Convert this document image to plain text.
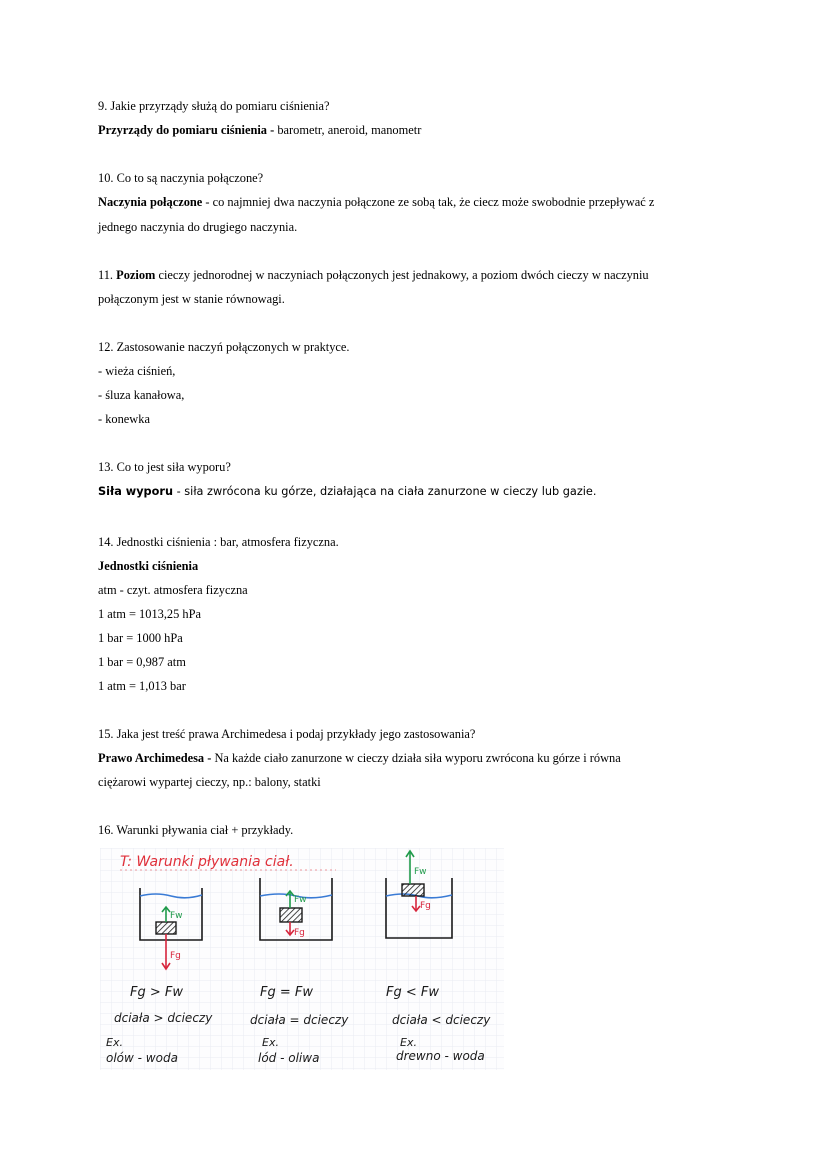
9. Jakie przyrządy służą do pomiaru ciśnienia?

Przyrządy do pomiaru ciśnienia - barometr, aneroid, manometr

10. Co to są naczynia połączone?

Naczynia połączone - co najmniej dwa naczynia połączone ze sobą tak, że ciecz może swobodnie przepływać z

jednego naczynia do drugiego naczynia.

11. Poziom cieczy jednorodnej w naczyniach połączonych jest jednakowy, a poziom dwóch cieczy w naczyniu

połączonym jest w stanie równowagi.

12. Zastosowanie naczyń połączonych w praktyce.

- wieża ciśnień,

- śluza kanałowa,

- konewka

13. Co to jest siła wyporu?

Siła wyporu - siła zwrócona ku górze, działająca na ciała zanurzone w cieczy lub gazie.

14. Jednostki ciśnienia : bar, atmosfera fizyczna.

Jednostki ciśnienia

atm - czyt. atmosfera fizyczna

1 atm = 1013,25 hPa

1 bar = 1000 hPa

1 bar = 0,987 atm

1 atm = 1,013 bar

15. Jaka jest treść prawa Archimedesa i podaj przykłady jego zastosowania?

Prawo Archimedesa - Na każde ciało zanurzone w cieczy działa siła wyporu zwrócona ku górze i równa

ciężarowi wypartej cieczy, np.: balony, statki

16. Warunki pływania ciał + przykłady.

T: Warunki pływania ciał.
Fw
Fg
Fw
Fg
Fw
Fg
Fg > Fw	Fg = Fw	Fg < Fw
dciała > dcieczy	dciała = dcieczy	dciała < dcieczy
Ex.	Ex.	Ex.
olów - woda	lód - oliwa	drewno - woda
